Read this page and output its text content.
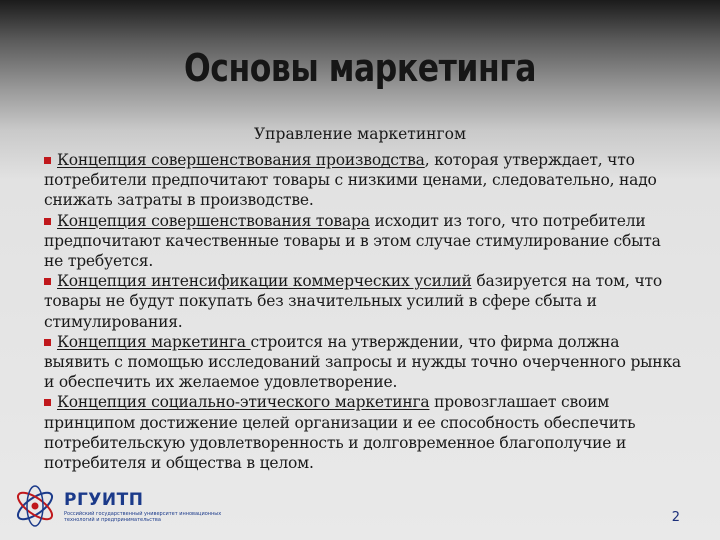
Основы маркетинга
Управление маркетингом

Концепция совершенствования производства, которая утверждает, что потребители предпочитают товары с низкими ценами, следовательно, надо снижать затраты в производстве.

Концепция совершенствования товара исходит из того, что потребители предпочитают качественные товары и в этом случае стимулирование сбыта не требуется.

Концепция интенсификации коммерческих усилий базируется на том, что товары не будут покупать без значительных усилий в сфере сбыта и стимулирования.

Концепция маркетинга строится на утверждении, что фирма должна выявить с помощью исследований запросы и нужды точно очерченного рынка и обеспечить их желаемое удовлетворение.

Концепция социально-этического маркетинга провозглашает своим принципом достижение целей организации и ее способность обеспечить потребительскую удовлетворенность и долговременное благополучие и потребителя и общества в целом.

РГУИТП
Российский государственный университет инновационных технологий и предпринимательства	2
